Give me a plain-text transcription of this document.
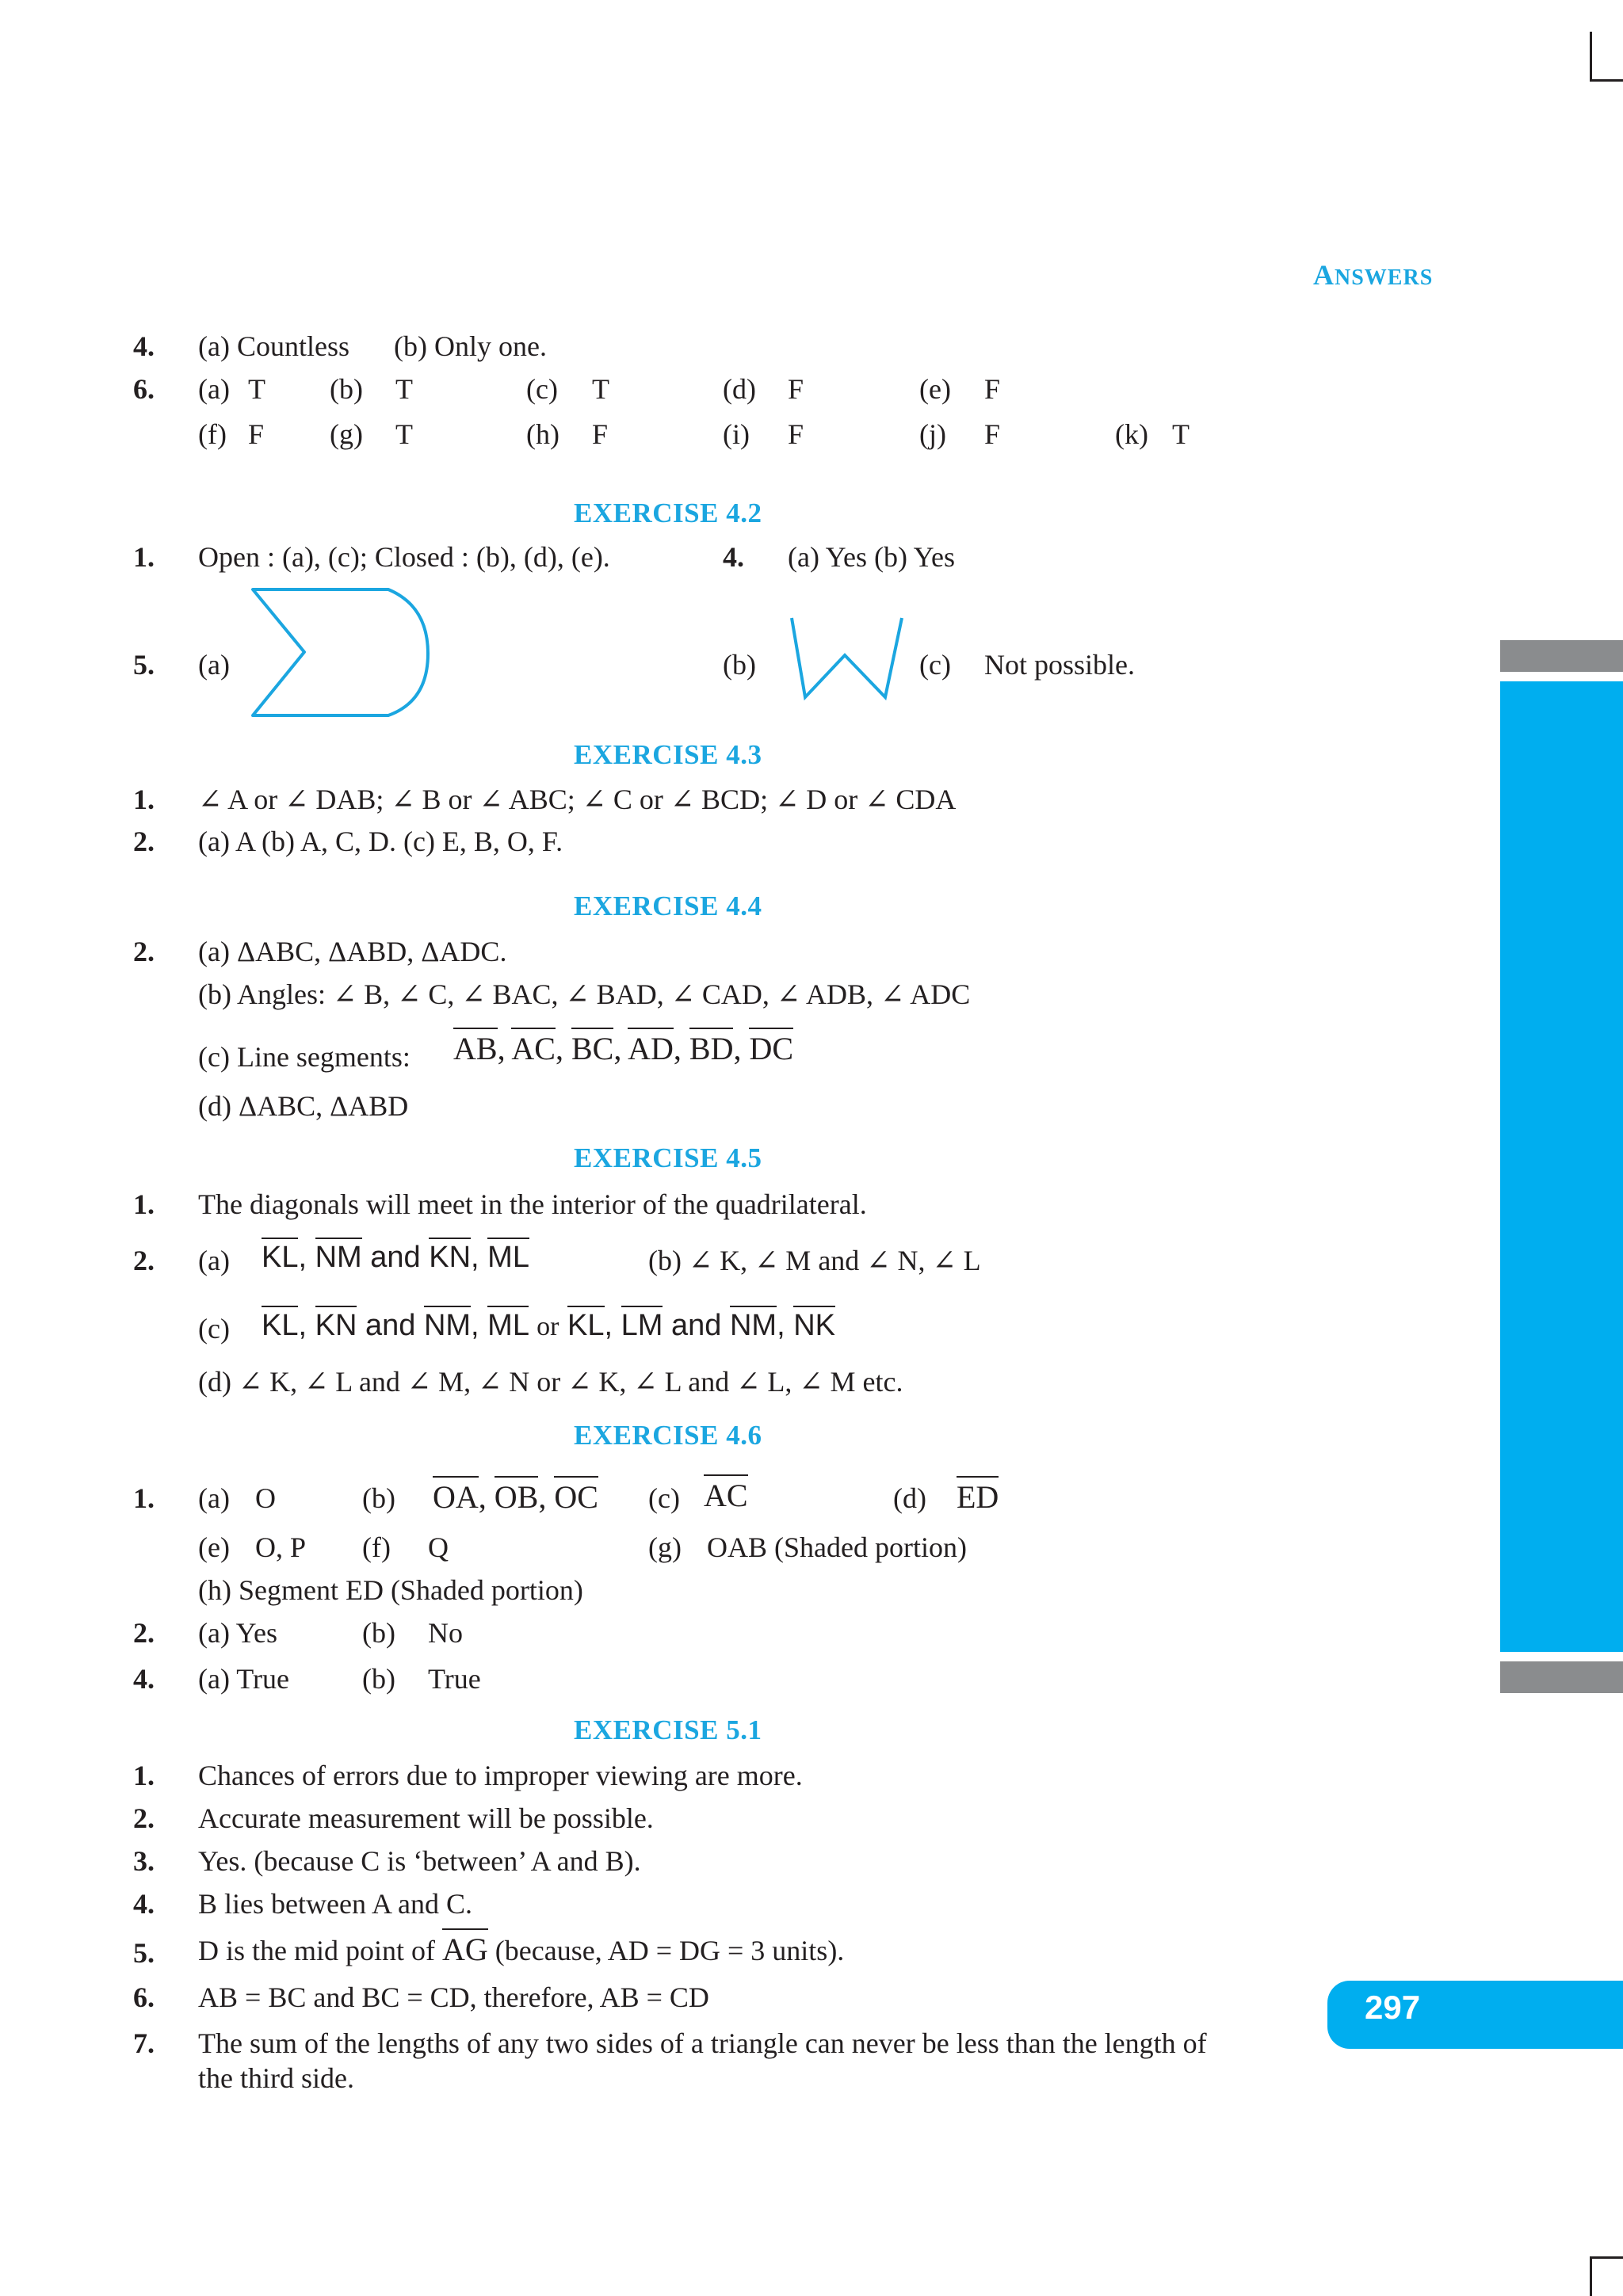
ANSWERS
297
4. (a) Countless (b) Only one.
6. (a) T (b) T	(c) T	(d) F	(e) F
(f) F (g) T	(h) F	(i) F	(j) F	(k) T
EXERCISE 4.2
1. Open : (a), (c); Closed : (b), (d), (e).	4. (a) Yes (b) Yes
5. (a)	(b)	(c) Not possible.
EXERCISE 4.3
1. ∠ A or ∠ DAB; ∠ B or ∠ ABC; ∠ C or ∠ BCD; ∠ D or ∠ CDA
2. (a) A (b) A, C, D. (c) E, B, O, F.
EXERCISE 4.4
2. (a) ΔABC, ΔABD, ΔADC.
(b) Angles: ∠ B, ∠ C, ∠ BAC, ∠ BAD, ∠ CAD, ∠ ADB, ∠ ADC
(c) Line segments: AB, AC, BC, AD, BD, DC
(d) ΔABC, ΔABD
EXERCISE 4.5
1. The diagonals will meet in the interior of the quadrilateral.
2. (a) KL, NM and KN, ML	(b) ∠ K, ∠ M and ∠ N, ∠ L
(c) KL, KN and NM, ML or KL, LM and NM, NK
(d) ∠ K, ∠ L and ∠ M, ∠ N or ∠ K, ∠ L and ∠ L, ∠ M etc.
EXERCISE 4.6
1. (a) O	(b) OA, OB, OC (c) AC	(d) ED
(e) O, P (f) Q	(g) OAB (Shaded portion)
(h) Segment ED (Shaded portion)
2. (a) Yes	(b) No
4. (a) True	(b) True
EXERCISE 5.1
1. Chances of errors due to improper viewing are more.
2. Accurate measurement will be possible.
3. Yes. (because C is ‘between’ A and B).
4. B lies between A and C.
5. D is the mid point of AG (because, AD = DG = 3 units).
6. AB = BC and BC = CD, therefore, AB = CD
7. The sum of the lengths of any two sides of a triangle can never be less than the length of
the third side.
